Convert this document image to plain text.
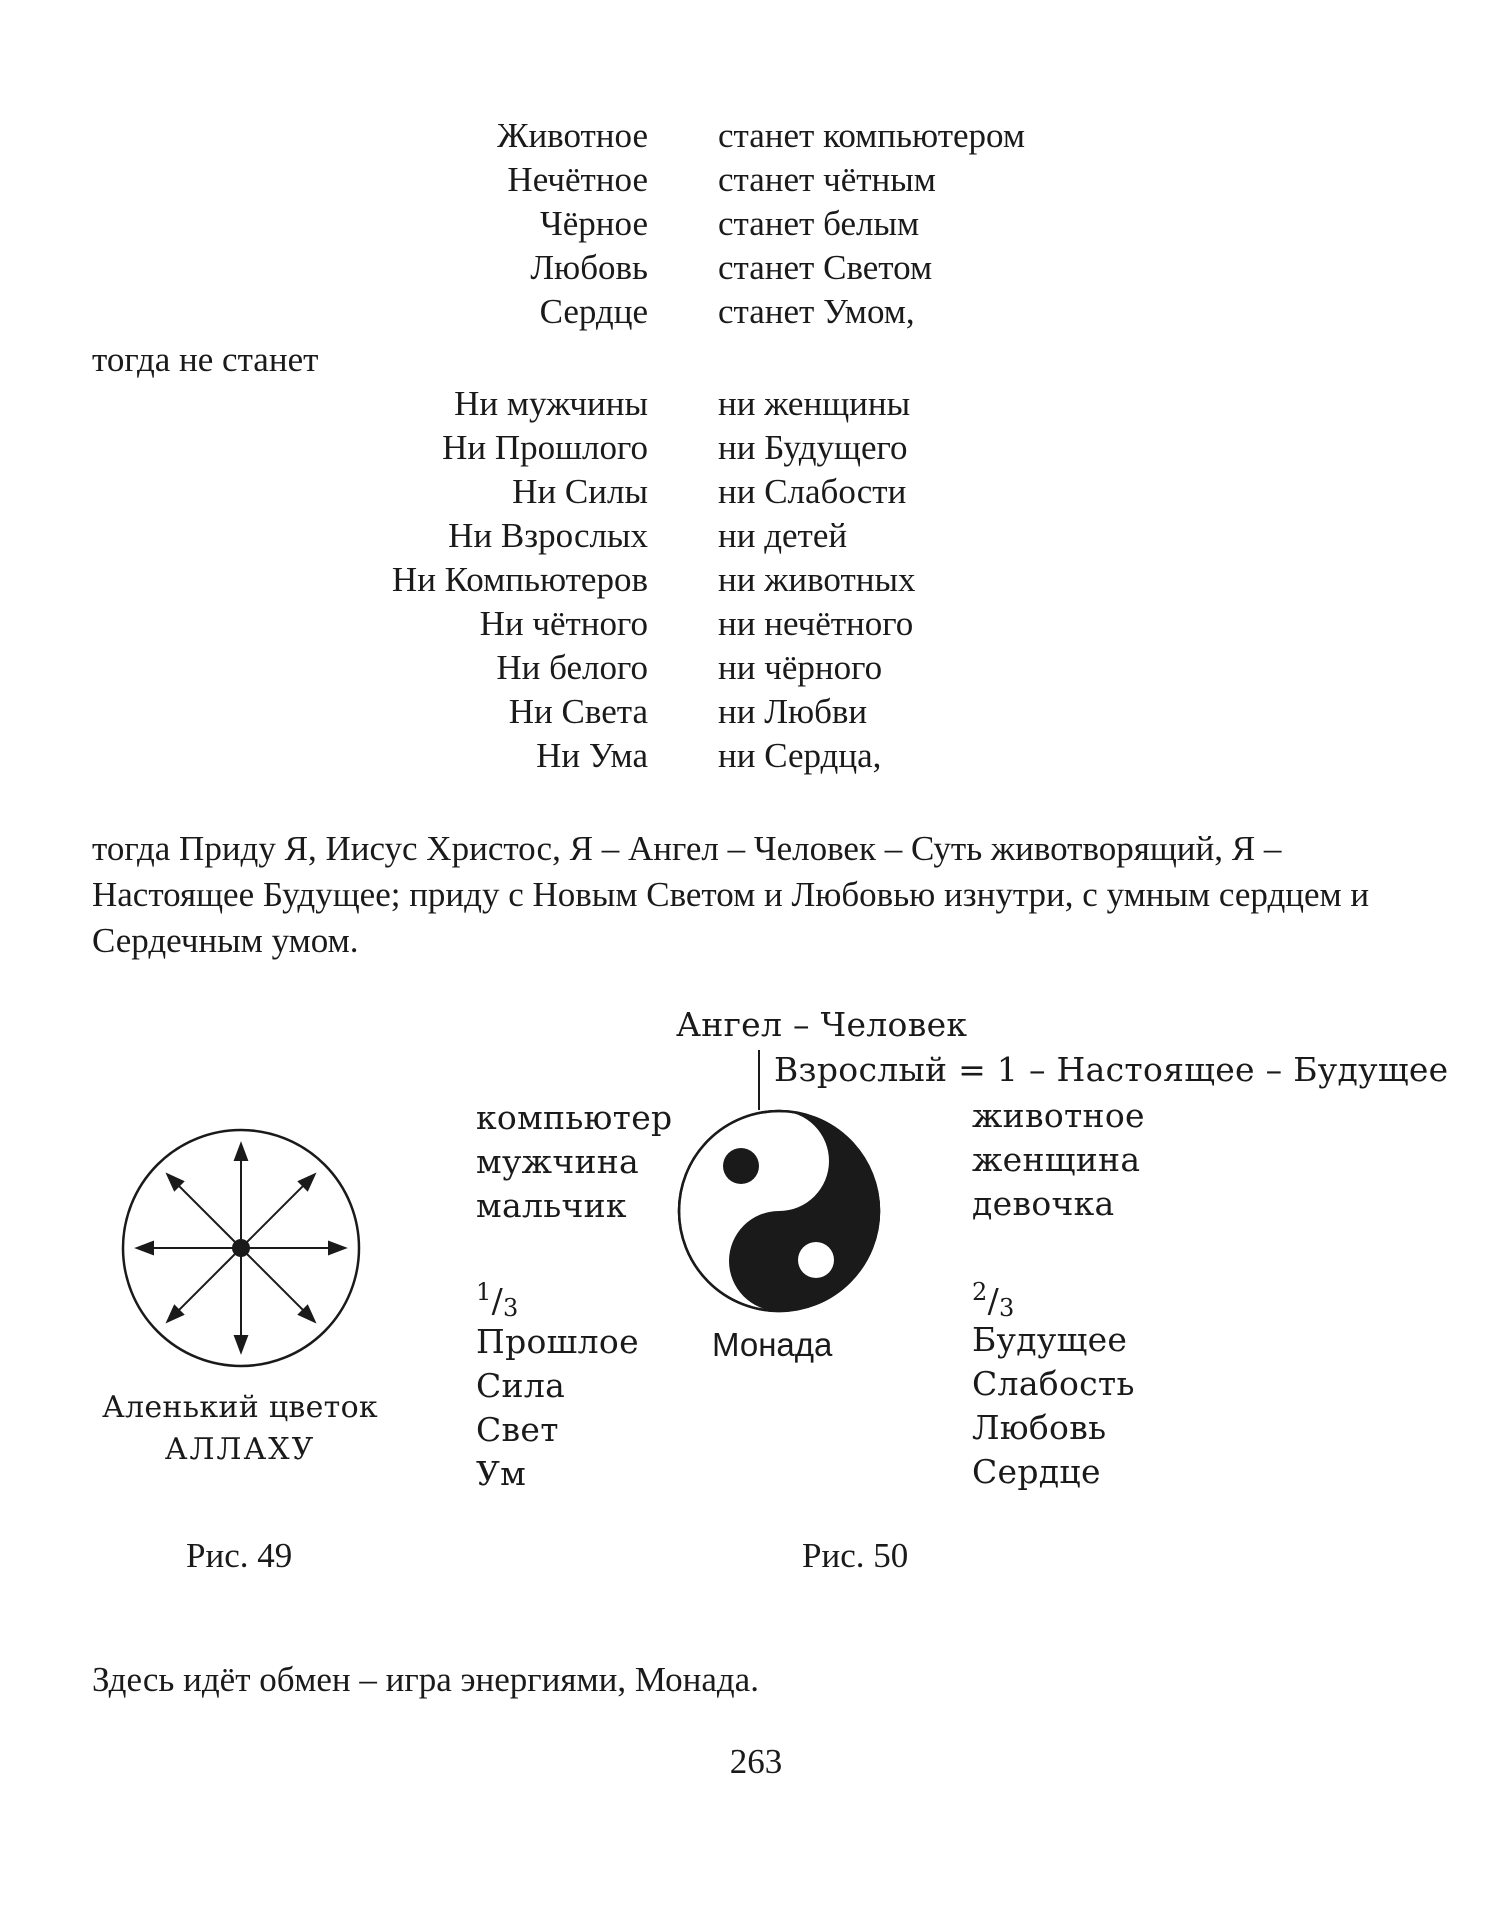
Животное станет компьютером
Нечётное станет чётным
Чёрное станет белым
Любовь станет Светом
Сердце станет Умом,
тогда не станет
Ни мужчины ни женщины
Ни Прошлого ни Будущего
Ни Силы ни Слабости
Ни Взрослых ни детей
Ни Компьютеров ни животных
Ни чётного ни нечётного
Ни белого ни чёрного
Ни Света ни Любви
Ни Ума ни Сердца,
тогда Приду Я, Иисус Христос, Я – Ангел – Человек – Суть животворящий, Я – Настоящее Будущее; приду с Новым Светом и Любовью изнутри, с умным сердцем и Сердечным умом.
Аленький цветок
АЛЛАХУ
Рис. 49
Ангел – Человек
Взрослый = 1 – Настоящее – Будущее
компьютер
мужчина
мальчик
животное
женщина
девочка
$^1/_3$
$^2/_3$
Прошлое
Сила
Свет
Ум
Будущее
Слабость
Любовь
Сердце
Монада
Рис. 50
Здесь идёт обмен – игра энергиями, Монада.
263
